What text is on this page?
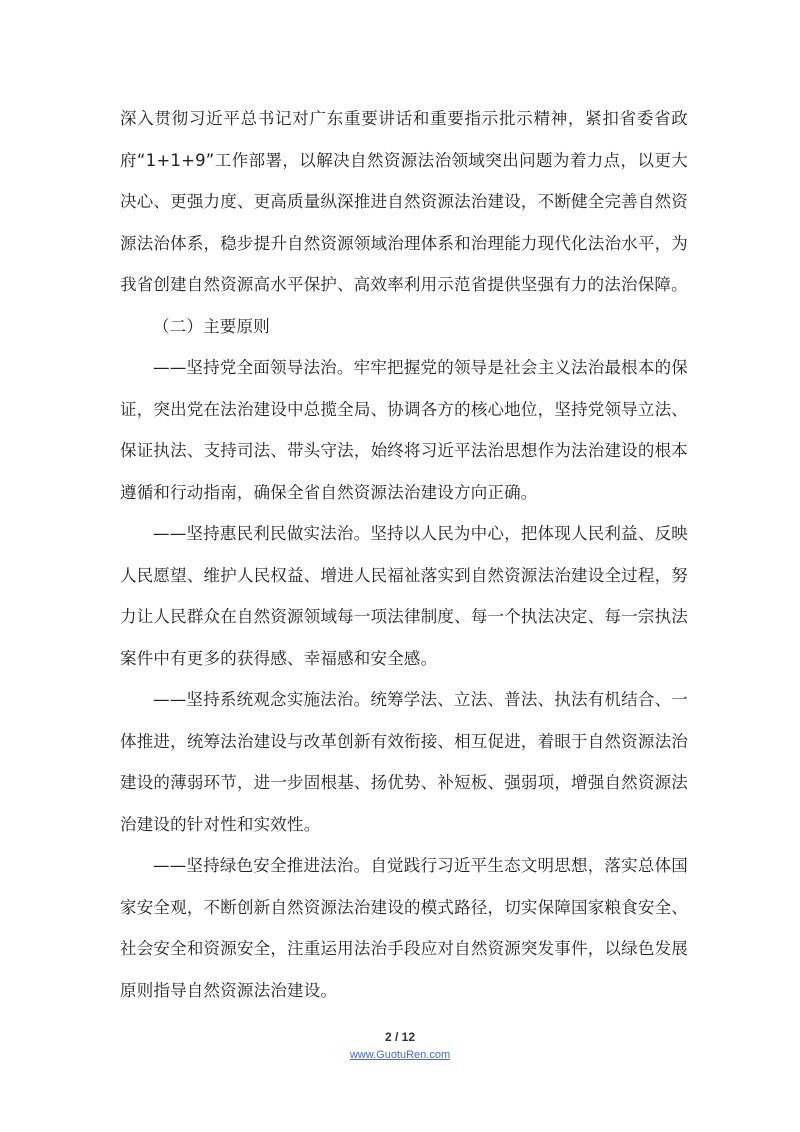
深入贯彻习近平总书记对广东重要讲话和重要指示批示精神，紧扣省委省政府“1+1+9”工作部署，以解决自然资源法治领域突出问题为着力点，以更大决心、更强力度、更高质量纵深推进自然资源法治建设，不断健全完善自然资源法治体系，稳步提升自然资源领域治理体系和治理能力现代化法治水平，为我省创建自然资源高水平保护、高效率利用示范省提供坚强有力的法治保障。

（二）主要原则

——坚持党全面领导法治。牢牢把握党的领导是社会主义法治最根本的保证，突出党在法治建设中总揽全局、协调各方的核心地位，坚持党领导立法、保证执法、支持司法、带头守法，始终将习近平法治思想作为法治建设的根本遵循和行动指南，确保全省自然资源法治建设方向正确。

——坚持惠民利民做实法治。坚持以人民为中心，把体现人民利益、反映人民愿望、维护人民权益、增进人民福祉落实到自然资源法治建设全过程，努力让人民群众在自然资源领域每一项法律制度、每一个执法决定、每一宗执法案件中有更多的获得感、幸福感和安全感。

——坚持系统观念实施法治。统筹学法、立法、普法、执法有机结合、一体推进，统筹法治建设与改革创新有效衔接、相互促进，着眼于自然资源法治建设的薄弱环节，进一步固根基、扬优势、补短板、强弱项，增强自然资源法治建设的针对性和实效性。

——坚持绿色安全推进法治。自觉践行习近平生态文明思想，落实总体国家安全观，不断创新自然资源法治建设的模式路径，切实保障国家粮食安全、社会安全和资源安全，注重运用法治手段应对自然资源突发事件，以绿色发展原则指导自然资源法治建设。

2 / 12
www.GuotuRen.com
